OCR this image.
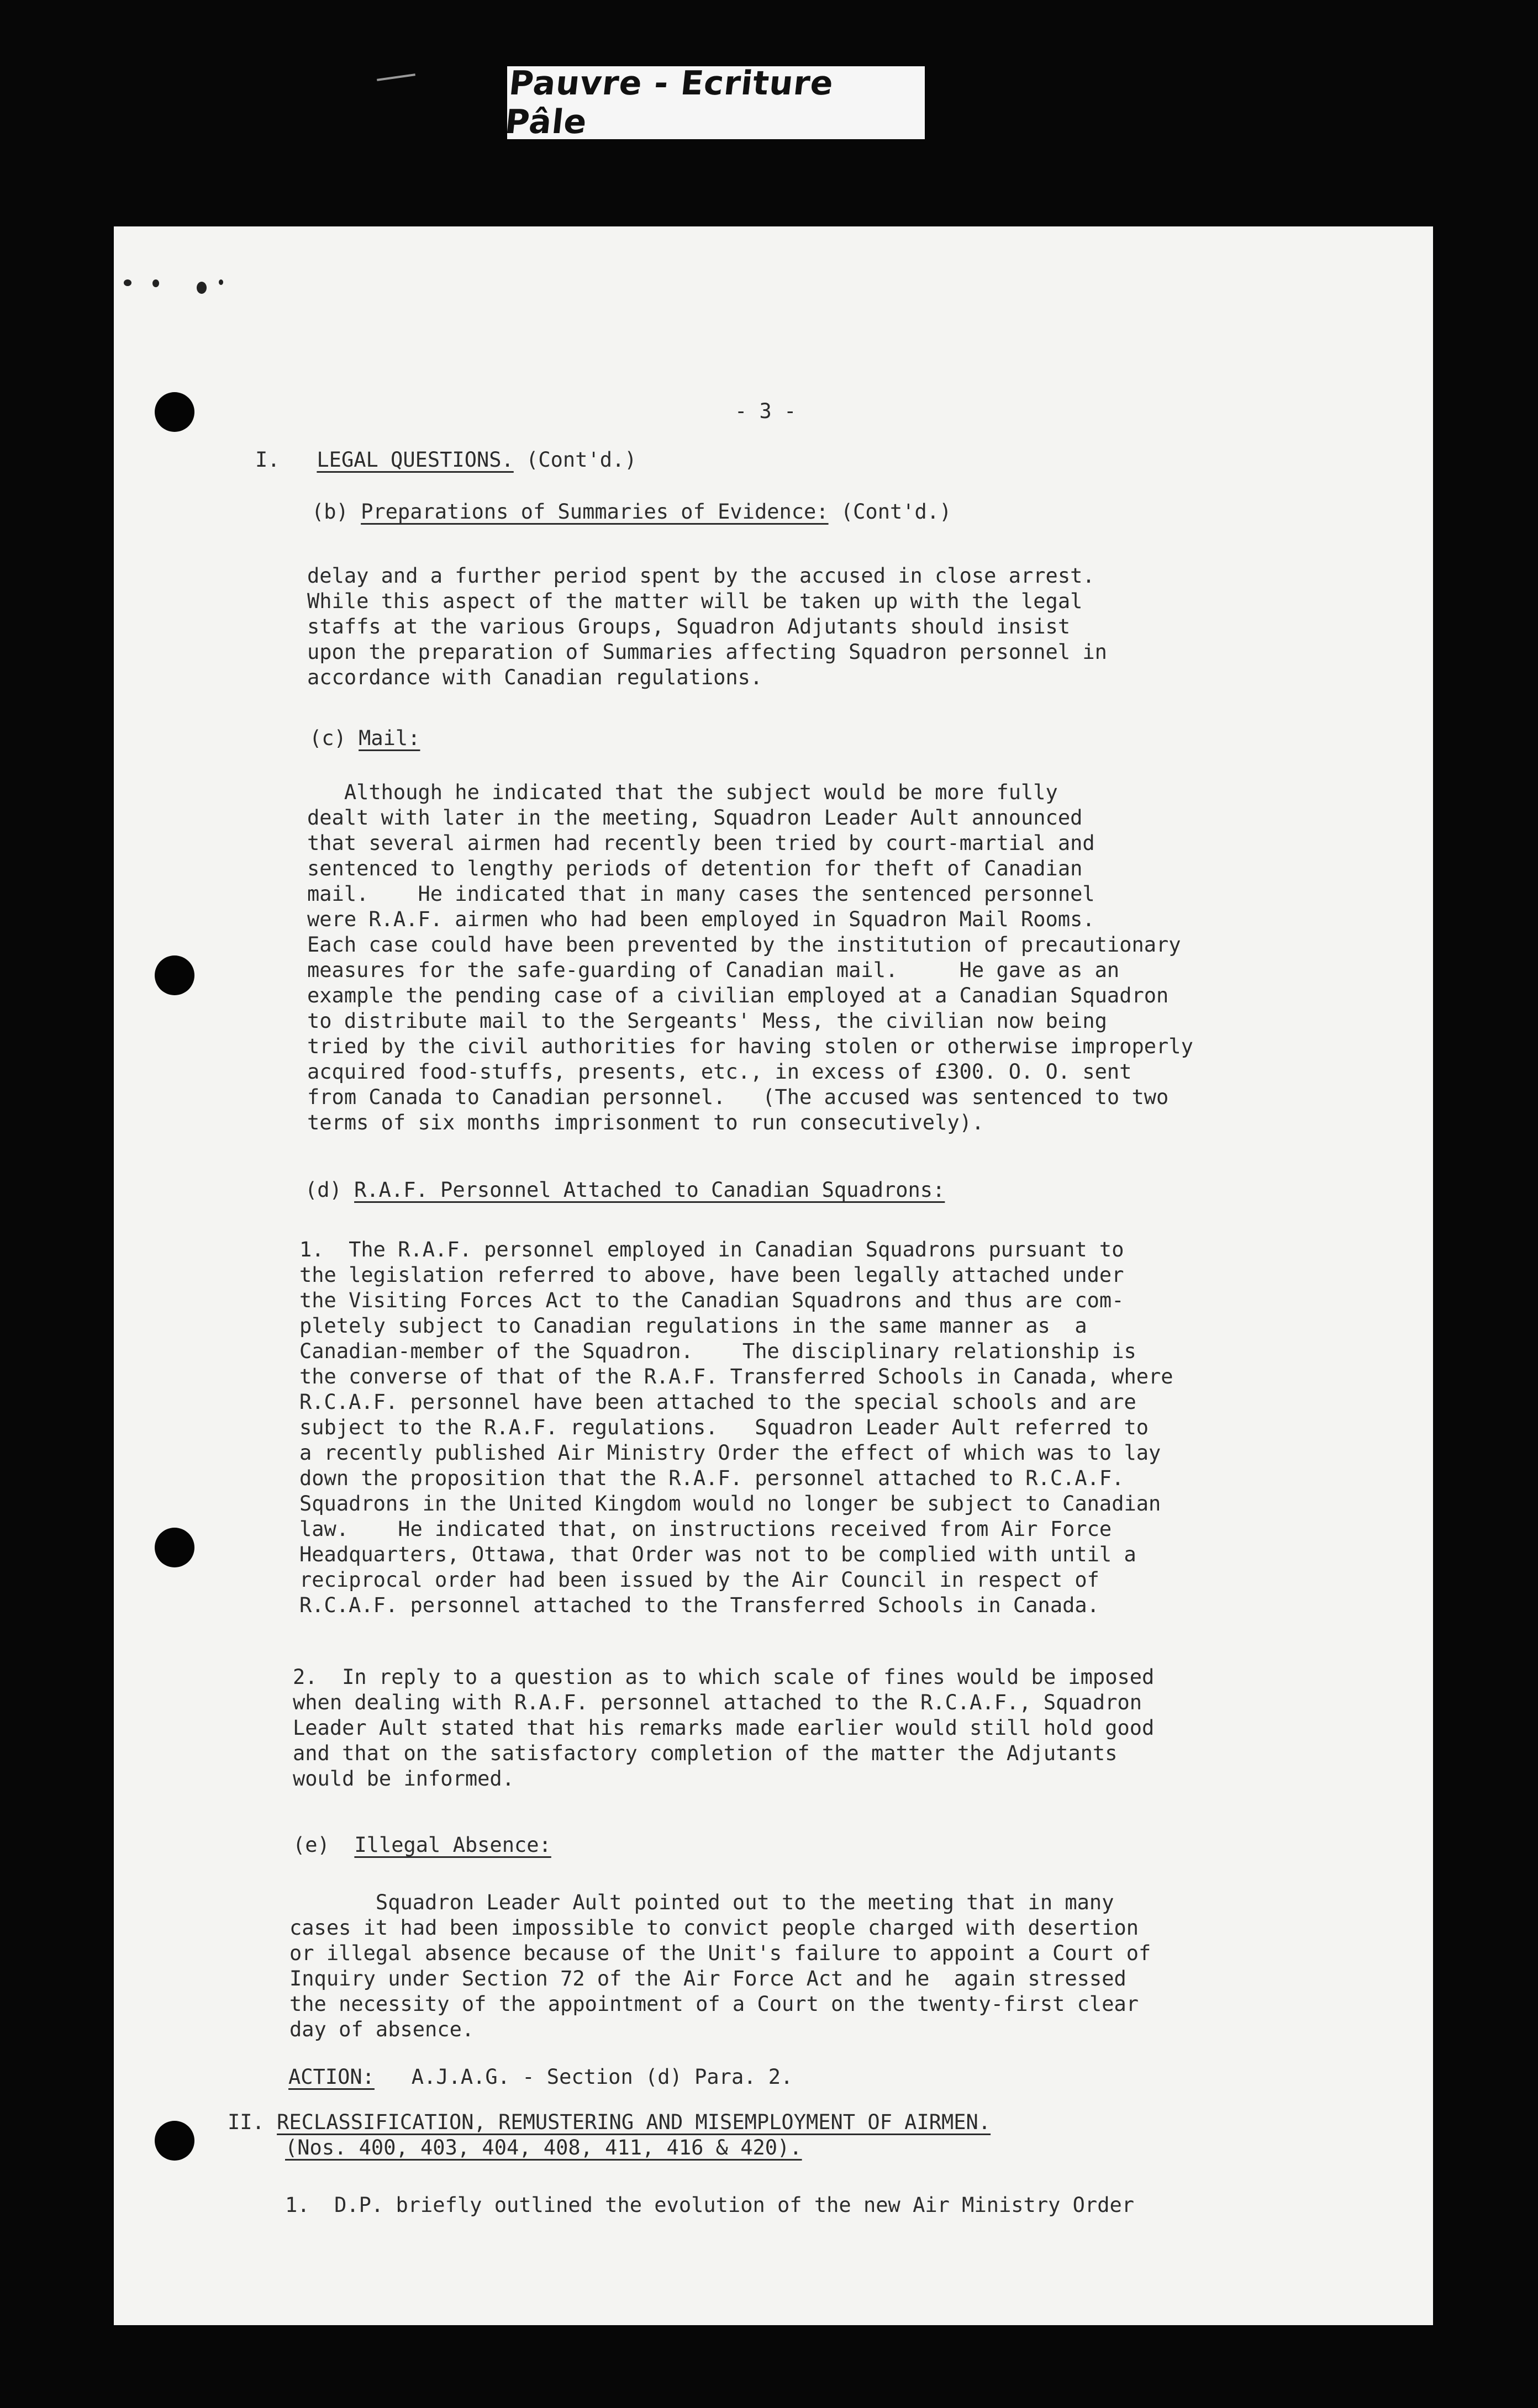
Pauvre - Ecriture Pâle
- 3 -
I. LEGAL QUESTIONS. (Cont'd.)
(b) Preparations of Summaries of Evidence: (Cont'd.)
delay and a further period spent by the accused in close arrest.
While this aspect of the matter will be taken up with the legal
staffs at the various Groups, Squadron Adjutants should insist
upon the preparation of Summaries affecting Squadron personnel in
accordance with Canadian regulations.
(c) Mail:
Although he indicated that the subject would be more fully
dealt with later in the meeting, Squadron Leader Ault announced
that several airmen had recently been tried by court-martial and
sentenced to lengthy periods of detention for theft of Canadian
mail.    He indicated that in many cases the sentenced personnel
were R.A.F. airmen who had been employed in Squadron Mail Rooms.
Each case could have been prevented by the institution of precautionary
measures for the safe-guarding of Canadian mail.     He gave as an
example the pending case of a civilian employed at a Canadian Squadron
to distribute mail to the Sergeants' Mess, the civilian now being
tried by the civil authorities for having stolen or otherwise improperly
acquired food-stuffs, presents, etc., in excess of £300. O. O. sent
from Canada to Canadian personnel.   (The accused was sentenced to two
terms of six months imprisonment to run consecutively).
(d) R.A.F. Personnel Attached to Canadian Squadrons:
1.  The R.A.F. personnel employed in Canadian Squadrons pursuant to
the legislation referred to above, have been legally attached under
the Visiting Forces Act to the Canadian Squadrons and thus are com-
pletely subject to Canadian regulations in the same manner as  a
Canadian-member of the Squadron.    The disciplinary relationship is
the converse of that of the R.A.F. Transferred Schools in Canada, where
R.C.A.F. personnel have been attached to the special schools and are
subject to the R.A.F. regulations.   Squadron Leader Ault referred to
a recently published Air Ministry Order the effect of which was to lay
down the proposition that the R.A.F. personnel attached to R.C.A.F.
Squadrons in the United Kingdom would no longer be subject to Canadian
law.    He indicated that, on instructions received from Air Force
Headquarters, Ottawa, that Order was not to be complied with until a
reciprocal order had been issued by the Air Council in respect of
R.C.A.F. personnel attached to the Transferred Schools in Canada.
2.  In reply to a question as to which scale of fines would be imposed
when dealing with R.A.F. personnel attached to the R.C.A.F., Squadron
Leader Ault stated that his remarks made earlier would still hold good
and that on the satisfactory completion of the matter the Adjutants
would be informed.
(e) Illegal Absence:
Squadron Leader Ault pointed out to the meeting that in many
cases it had been impossible to convict people charged with desertion
or illegal absence because of the Unit's failure to appoint a Court of
Inquiry under Section 72 of the Air Force Act and he  again stressed
the necessity of the appointment of a Court on the twenty-first clear
day of absence.
ACTION: A.J.A.G. - Section (d) Para. 2.
II. RECLASSIFICATION, REMUSTERING AND MISEMPLOYMENT OF AIRMEN.
(Nos. 400, 403, 404, 408, 411, 416 & 420).
1.  D.P. briefly outlined the evolution of the new Air Ministry Order
